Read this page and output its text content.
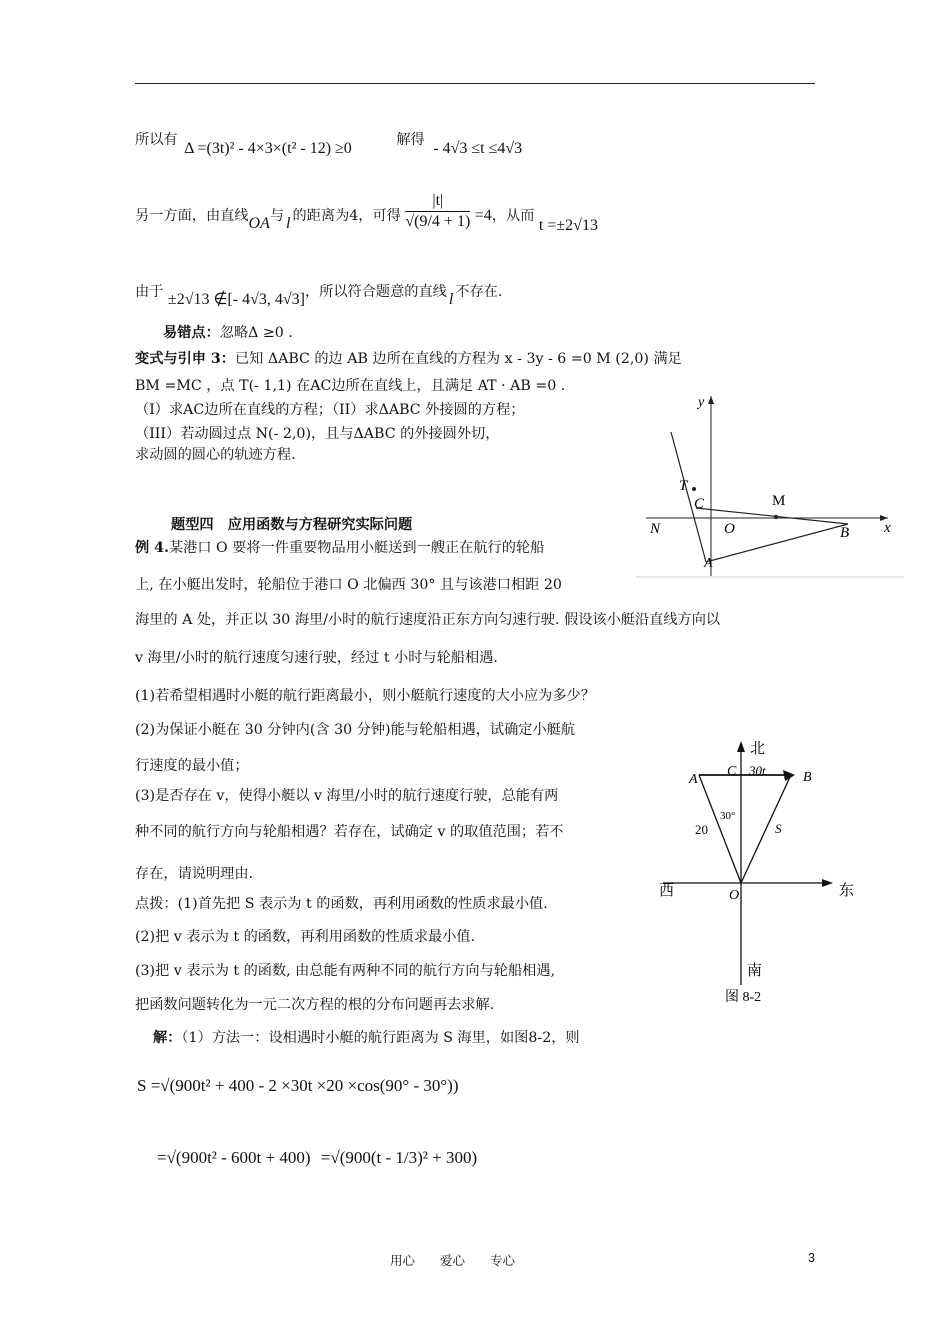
所以有 Δ =(3t)² - 4×3×(t² - 12) ≥0	解得 - 4√3 ≤t ≤4√3
另一方面，由直线OA与 l 的距离为4，可得 $\frac{|t|}{√(9/4 + 1)} =4$，从而 t =±2√13
由于 ±2√13 ∉[- 4√3, 4√3]，所以符合题意的直线 l 不存在.
易错点：忽略Δ ≥0 .
变式与引申 3：已知 ΔABC 的边 AB 边所在直线的方程为 x - 3y - 6 =0 M (2,0) 满足
BM =MC ，点 T(- 1,1) 在AC边所在直线上，且满足 AT · AB =0 .
（I）求AC边所在直线的方程；（II）求ΔABC 外接圆的方程；
（III）若动圆过点 N(- 2,0)，且与ΔABC 的外接圆外切，
求动圆的圆心的轨迹方程.
x
y
T
C	M
N	O	B
A
题型四　应用函数与方程研究实际问题
例 4.某港口 O 要将一件重要物品用小艇送到一艘正在航行的轮船
上, 在小艇出发时，轮船位于港口 O 北偏西 30° 且与该港口相距 20
海里的 A 处，并正以 30 海里/小时的航行速度沿正东方向匀速行驶. 假设该小艇沿直线方向以
v 海里/小时的航行速度匀速行驶，经过 t 小时与轮船相遇.
(1)若希望相遇时小艇的航行距离最小，则小艇航行速度的大小应为多少？
(2)为保证小艇在 30 分钟内(含 30 分钟)能与轮船相遇，试确定小艇航
行速度的最小值；
(3)是否存在 v，使得小艇以 v 海里/小时的航行速度行驶，总能有两
种不同的航行方向与轮船相遇？若存在，试确定 v 的取值范围；若不
存在，请说明理由.
点拨：(1)首先把 S 表示为 t 的函数，再利用函数的性质求最小值.
(2)把 v 表示为 t 的函数，再利用函数的性质求最小值.
(3)把 v 表示为 t 的函数, 由总能有两种不同的航行方向与轮船相遇,
把函数问题转化为一元二次方程的根的分布问题再去求解.
北
南
西	东
A
C 30t	B
20
30°
S
O
图 8-2
解：（1）方法一：设相遇时小艇的航行距离为 S 海里，如图8-2，则
S =√(900t² + 400 - 2 ×30t ×20 ×cos(90° - 30°))
=√(900t² - 600t + 400) =√(900(t - 1/3)² + 300)
用心　　爱心　　专心	3
